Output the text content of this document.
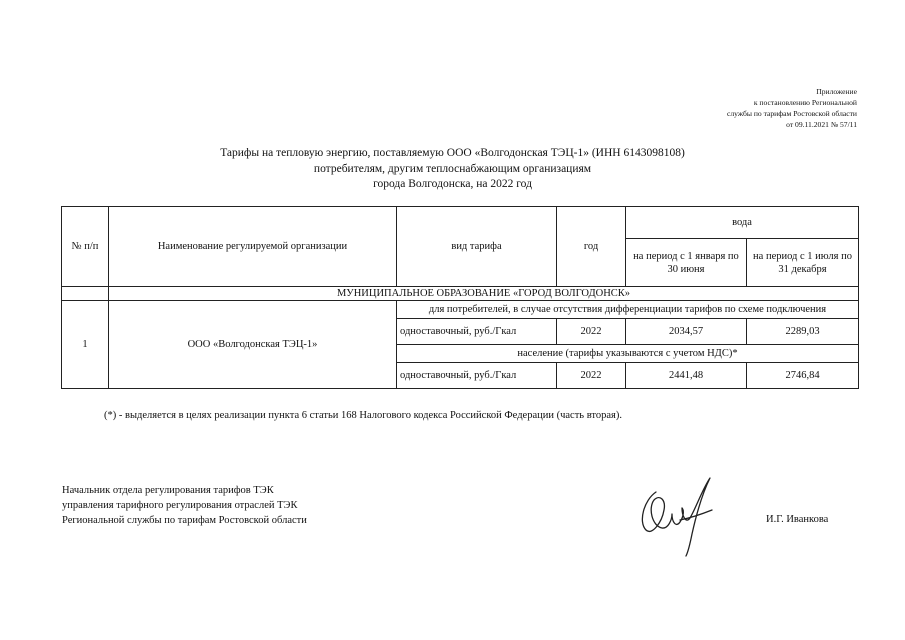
Приложение
к постановлению Региональной
службы по тарифам Ростовской области
от 09.11.2021 № 57/11
Тарифы на тепловую энергию, поставляемую ООО «Волгодонская ТЭЦ-1» (ИНН 6143098108)
потребителям, другим теплоснабжающим организациям
города Волгодонска, на 2022 год
№ п/п	Наименование регулируемой организации	вид тарифа	год	вода	
				на период с 1 января по 30 июня	на период с 1 июля по 31 декабря
	МУНИЦИПАЛЬНОЕ ОБРАЗОВАНИЕ «ГОРОД ВОЛГОДОНСК»				
1	ООО «Волгодонская ТЭЦ-1»	для потребителей, в случае отсутствия дифференциации тарифов по схеме подключения			
		одноставочный, руб./Гкал	2022	2034,57	2289,03
		население (тарифы указываются с учетом НДС)*			
		одноставочный, руб./Гкал	2022	2441,48	2746,84
(*) - выделяется в целях реализации пункта 6 статьи 168 Налогового кодекса Российской Федерации (часть вторая).
Начальник отдела регулирования тарифов ТЭК
управления тарифного регулирования отраслей ТЭК
Региональной службы по тарифам Ростовской области	И.Г. Иванкова
